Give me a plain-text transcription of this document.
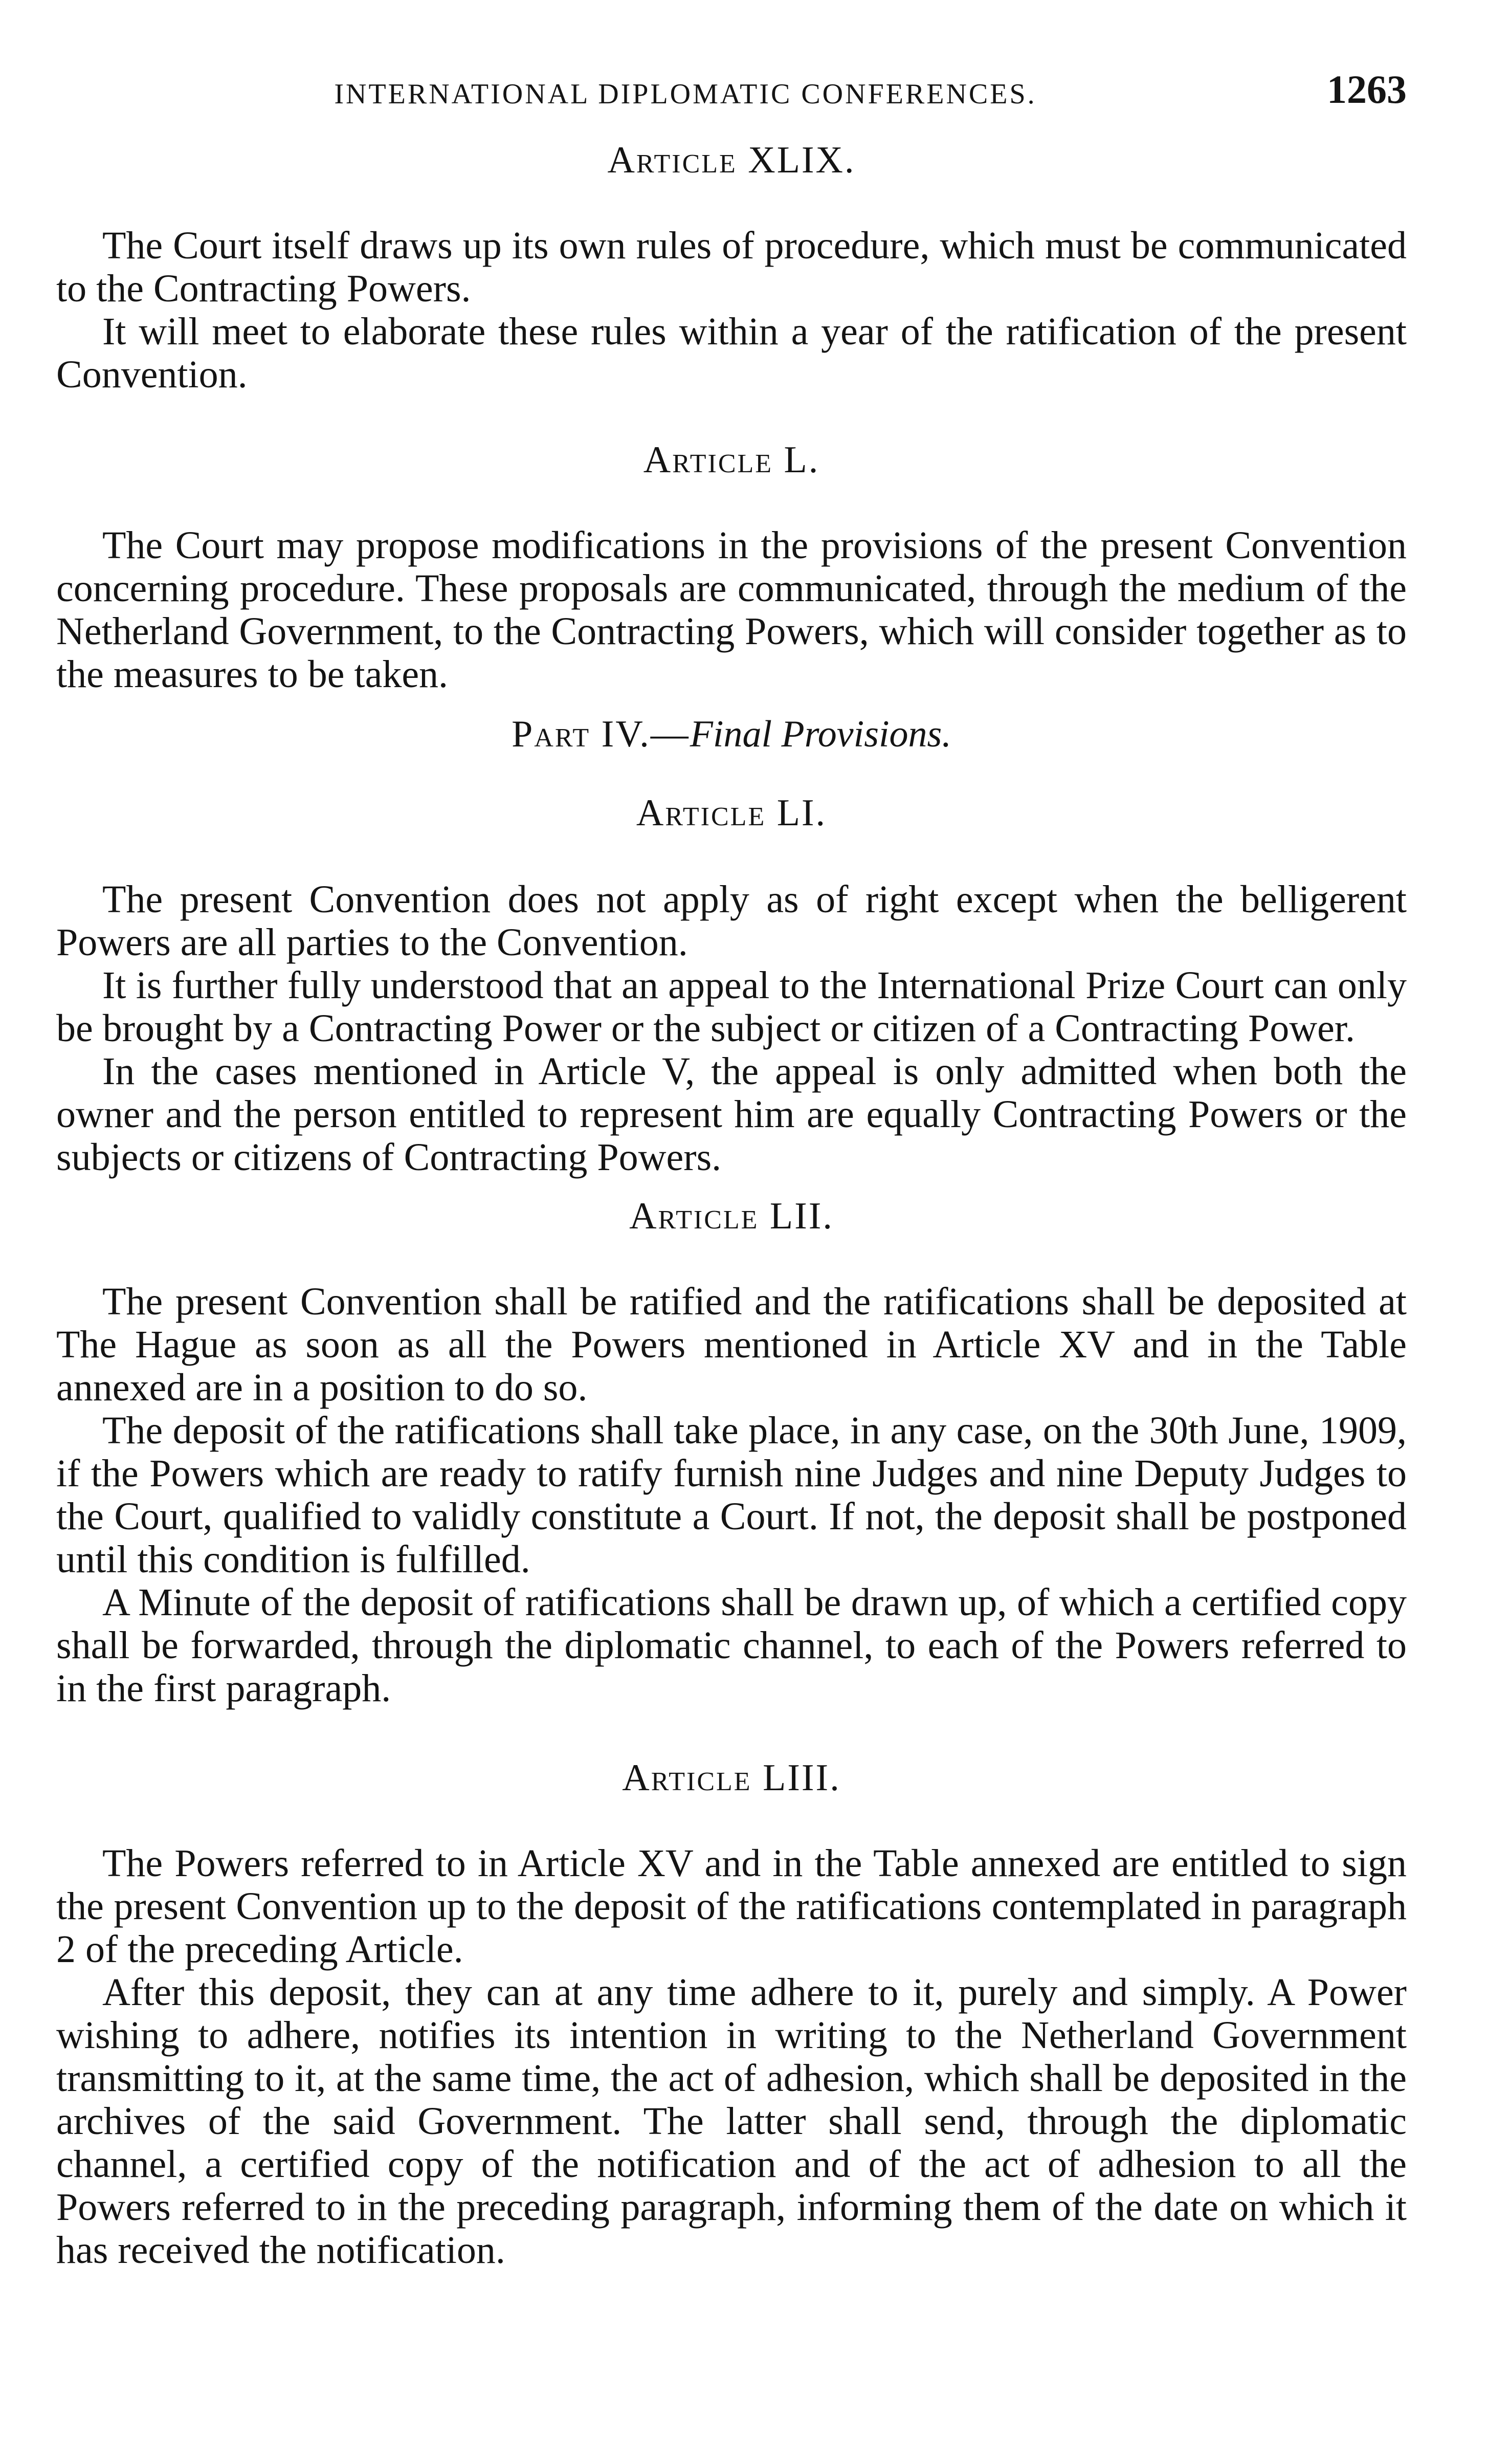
INTERNATIONAL DIPLOMATIC CONFERENCES.	1263
Article XLIX.

The Court itself draws up its own rules of procedure, which must be communicated to the Contracting Powers.

It will meet to elaborate these rules within a year of the ratification of the present Convention.

Article L.

The Court may propose modifications in the provisions of the present Convention concerning procedure. These proposals are communicated, through the medium of the Netherland Government, to the Contracting Powers, which will consider together as to the measures to be taken.

Part IV.—Final Provisions.
Article LI.

The present Convention does not apply as of right except when the belligerent Powers are all parties to the Convention.

It is further fully understood that an appeal to the International Prize Court can only be brought by a Contracting Power or the subject or citizen of a Contracting Power.

In the cases mentioned in Article V, the appeal is only admitted when both the owner and the person entitled to represent him are equally Contracting Powers or the subjects or citizens of Contracting Powers.

Article LII.

The present Convention shall be ratified and the ratifications shall be deposited at The Hague as soon as all the Powers mentioned in Article XV and in the Table annexed are in a position to do so.

The deposit of the ratifications shall take place, in any case, on the 30th June, 1909, if the Powers which are ready to ratify furnish nine Judges and nine Deputy Judges to the Court, qualified to validly constitute a Court. If not, the deposit shall be postponed until this condition is fulfilled.

A Minute of the deposit of ratifications shall be drawn up, of which a certified copy shall be forwarded, through the diplomatic channel, to each of the Powers referred to in the first paragraph.

Article LIII.

The Powers referred to in Article XV and in the Table annexed are entitled to sign the present Convention up to the deposit of the ratifications contemplated in paragraph 2 of the preceding Article.

After this deposit, they can at any time adhere to it, purely and simply. A Power wishing to adhere, notifies its intention in writing to the Netherland Government transmitting to it, at the same time, the act of adhesion, which shall be deposited in the archives of the said Government. The latter shall send, through the diplomatic channel, a certified copy of the notification and of the act of adhesion to all the Powers referred to in the preceding paragraph, informing them of the date on which it has received the notification.
